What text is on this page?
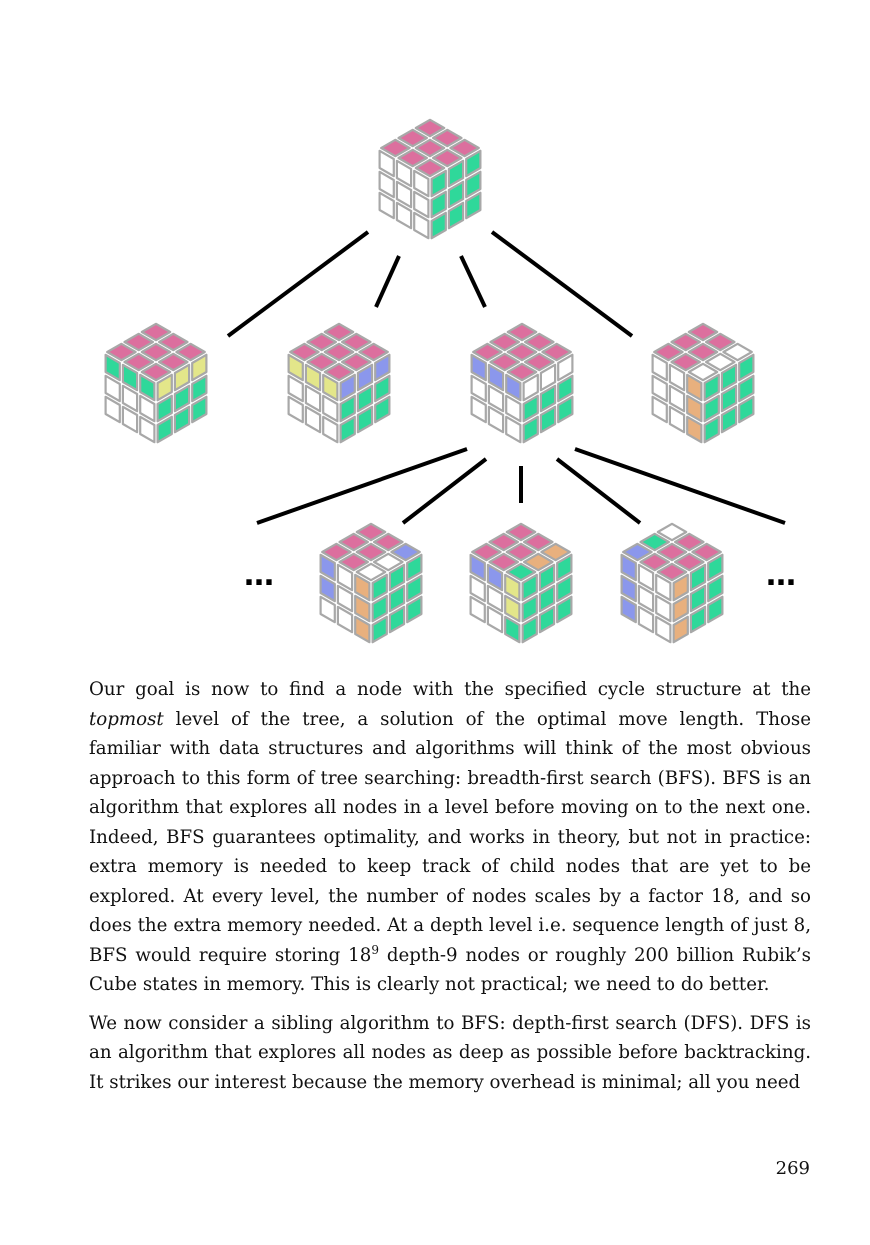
…	…

Our goal is now to find a node with the specified cycle structure at the topmost level of the tree, a solution of the optimal move length. Those familiar with data structures and algorithms will think of the most obvious approach to this form of tree searching: breadth-first search (BFS). BFS is an algorithm that explores all nodes in a level before moving on to the next one. Indeed, BFS guarantees optimality, and works in theory, but not in practice: extra memory is needed to keep track of child nodes that are yet to be explored. At every level, the number of nodes scales by a factor 18, and so does the extra memory needed. At a depth level i.e. sequence length of just 8, BFS would require storing $18^9$ depth-9 nodes or roughly 200 billion Rubik’s Cube states in memory. This is clearly not practical; we need to do better.

We now consider a sibling algorithm to BFS: depth-first search (DFS). DFS is an algorithm that explores all nodes as deep as possible before backtracking. It strikes our interest because the memory overhead is minimal; all you need

269
